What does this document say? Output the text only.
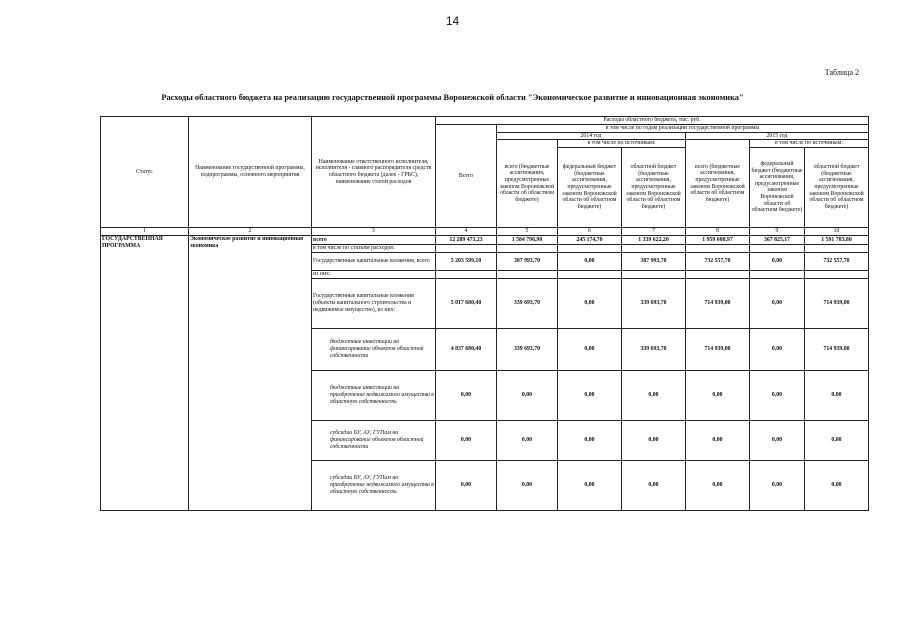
14
Таблица 2
Расходы областного бюджета на реализацию государственной программы Воронежской области "Экономическое развитие и инновационная экономика"
Статус	Наименование государственной программы, подпрограммы, основного мероприятия	Наименование ответственного исполнителя, исполнителя - главного распорядителя средств областного бюджета (далее - ГРБС), наименование статей расходов	Расходы областного бюджета, тыс. руб.						
			Всего	в том числе по годам реализации государственной программы					
				2014 год			2015 год		
				всего (бюджетные ассигнования, предусмотренные законом Воронежской области об областном бюджете)	в том числе по источникам:		всего (бюджетные ассигнования, предусмотренные законом Воронежской области об областном бюджете)	в том числе по источникам:	
					федеральный бюджет (бюджетные ассигнования, предусмотренные законом Воронежской области об областном бюджете)	областной бюджет (бюджетные ассигнования, предусмотренные законом Воронежской области об областном бюджете)		федеральный бюджет (бюджетные ассигнования, предусмотренные законом Воронежской области об областном бюджете)	областной бюджет (бюджетные ассигнования, предусмотренные законом Воронежской области об областном бюджете)
1	2	3	4	5	6	7	8	9	10
ГОСУДАРСТВЕННАЯ ПРОГРАММА	Экономическое развитие и инновационная экономика	всего	12 289 473,23	1 584 796,90	245 174,70	1 339 622,20	1 959 608,97	367 825,17	1 591 783,80
		в том числе по статьям расходов:							
		Государственные капитальные вложения, всего	5 203 599,10	387 993,70	0,00	387 993,70	732 557,70	0,00	732 557,70
		из них:							
		Государственные капитальные вложения (объекты капитального строительства и недвижимое имущество), из них:	5 017 680,40	339 693,70	0,00	339 693,70	714 939,00	0,00	714 939,00
		бюджетные инвестиции на финансирование объектов областной собственности	4 837 680,40	339 693,70	0,00	339 693,70	714 939,00	0,00	714 939,00
		бюджетные инвестиции на приобретение недвижимого имущества в областную собственность	0,00	0,00	0,00	0,00	0,00	0,00	0,00
		субсидии БУ, АУ, ГУПам на финансирование объектов областной собственности	0,00	0,00	0,00	0,00	0,00	0,00	0,00
		субсидии БУ, АУ, ГУПам на приобретение недвижимого имущества в областную собственность	0,00	0,00	0,00	0,00	0,00	0,00	0,00
